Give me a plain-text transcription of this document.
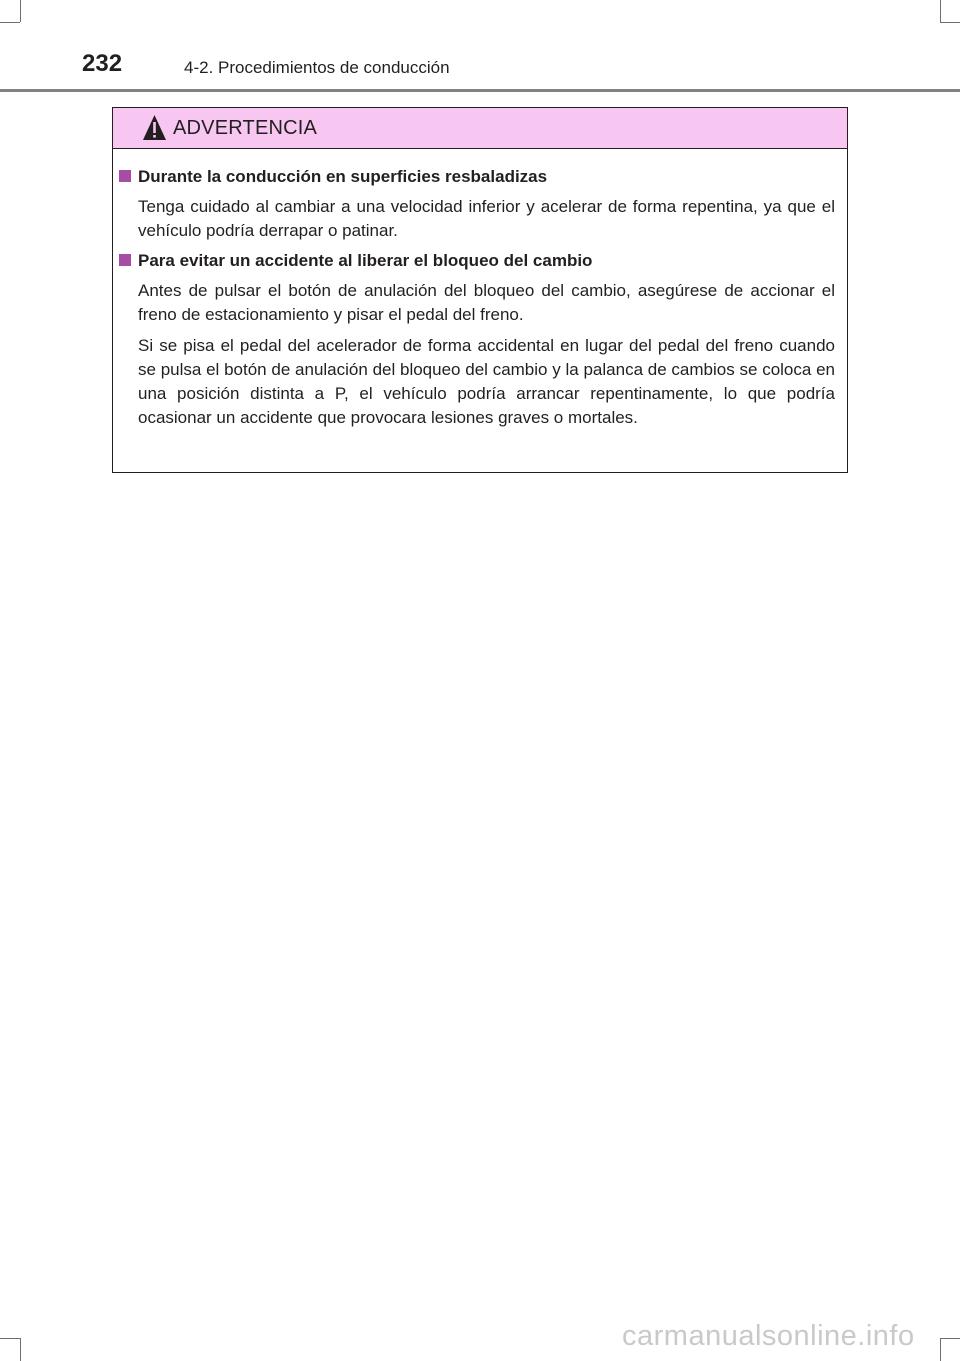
232	4-2. Procedimientos de conducción
ADVERTENCIA
Durante la conducción en superficies resbaladizas
Tenga cuidado al cambiar a una velocidad inferior y acelerar de forma repentina, ya que el vehículo podría derrapar o patinar.
Para evitar un accidente al liberar el bloqueo del cambio
Antes de pulsar el botón de anulación del bloqueo del cambio, asegúrese de accionar el freno de estacionamiento y pisar el pedal del freno.
Si se pisa el pedal del acelerador de forma accidental en lugar del pedal del freno cuando se pulsa el botón de anulación del bloqueo del cambio y la palanca de cambios se coloca en una posición distinta a P, el vehículo podría arrancar repentinamente, lo que podría ocasionar un accidente que provocara lesiones graves o mortales.
carmanualsonline.info
